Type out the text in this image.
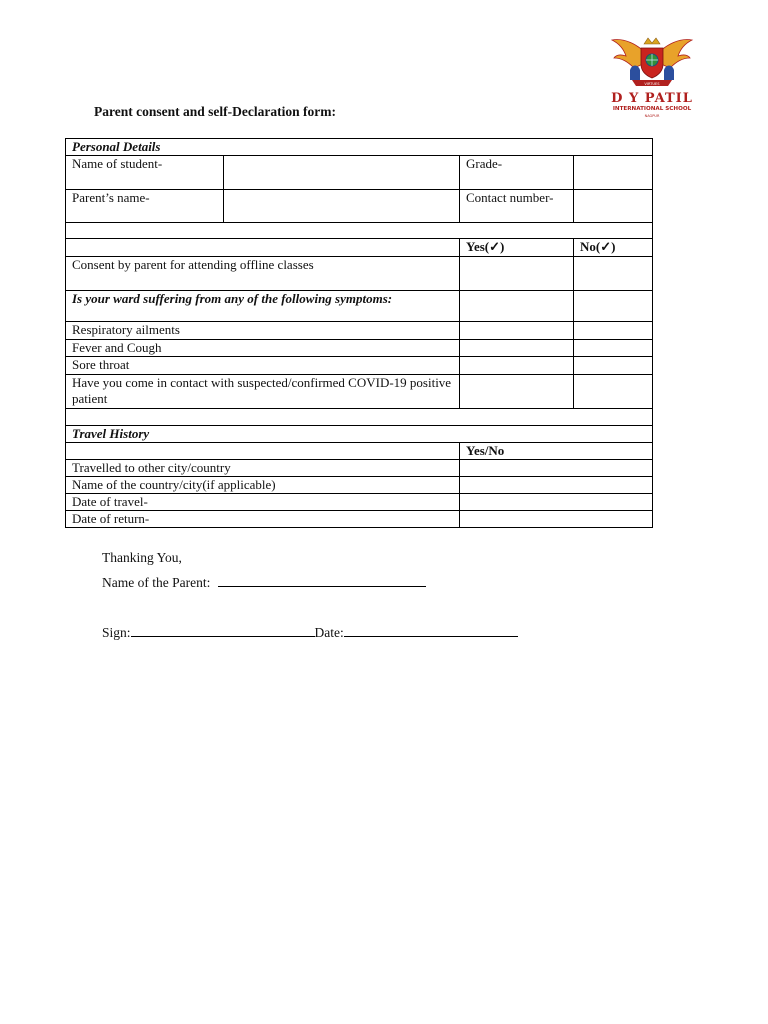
VIRTUES
D Y PATIL
INTERNATIONAL SCHOOL
NAGPUR
Parent consent and self-Declaration form:
Personal Details			
Name of student-		Grade-	
Parent’s name-		Contact number-	

		Yes(✓)	No(✓)
Consent by parent for attending offline classes			
Is your ward suffering from any of the following symptoms:			
Respiratory ailments			
Fever and Cough			
Sore throat			
Have you come in contact with suspected/confirmed COVID-19 positive patient			

Travel History			
		Yes/No	
Travelled to other city/country			
Name of the country/city(if applicable)			
Date of travel-			
Date of return-			
Thanking You,
Name of the Parent:
Sign:	Date:
